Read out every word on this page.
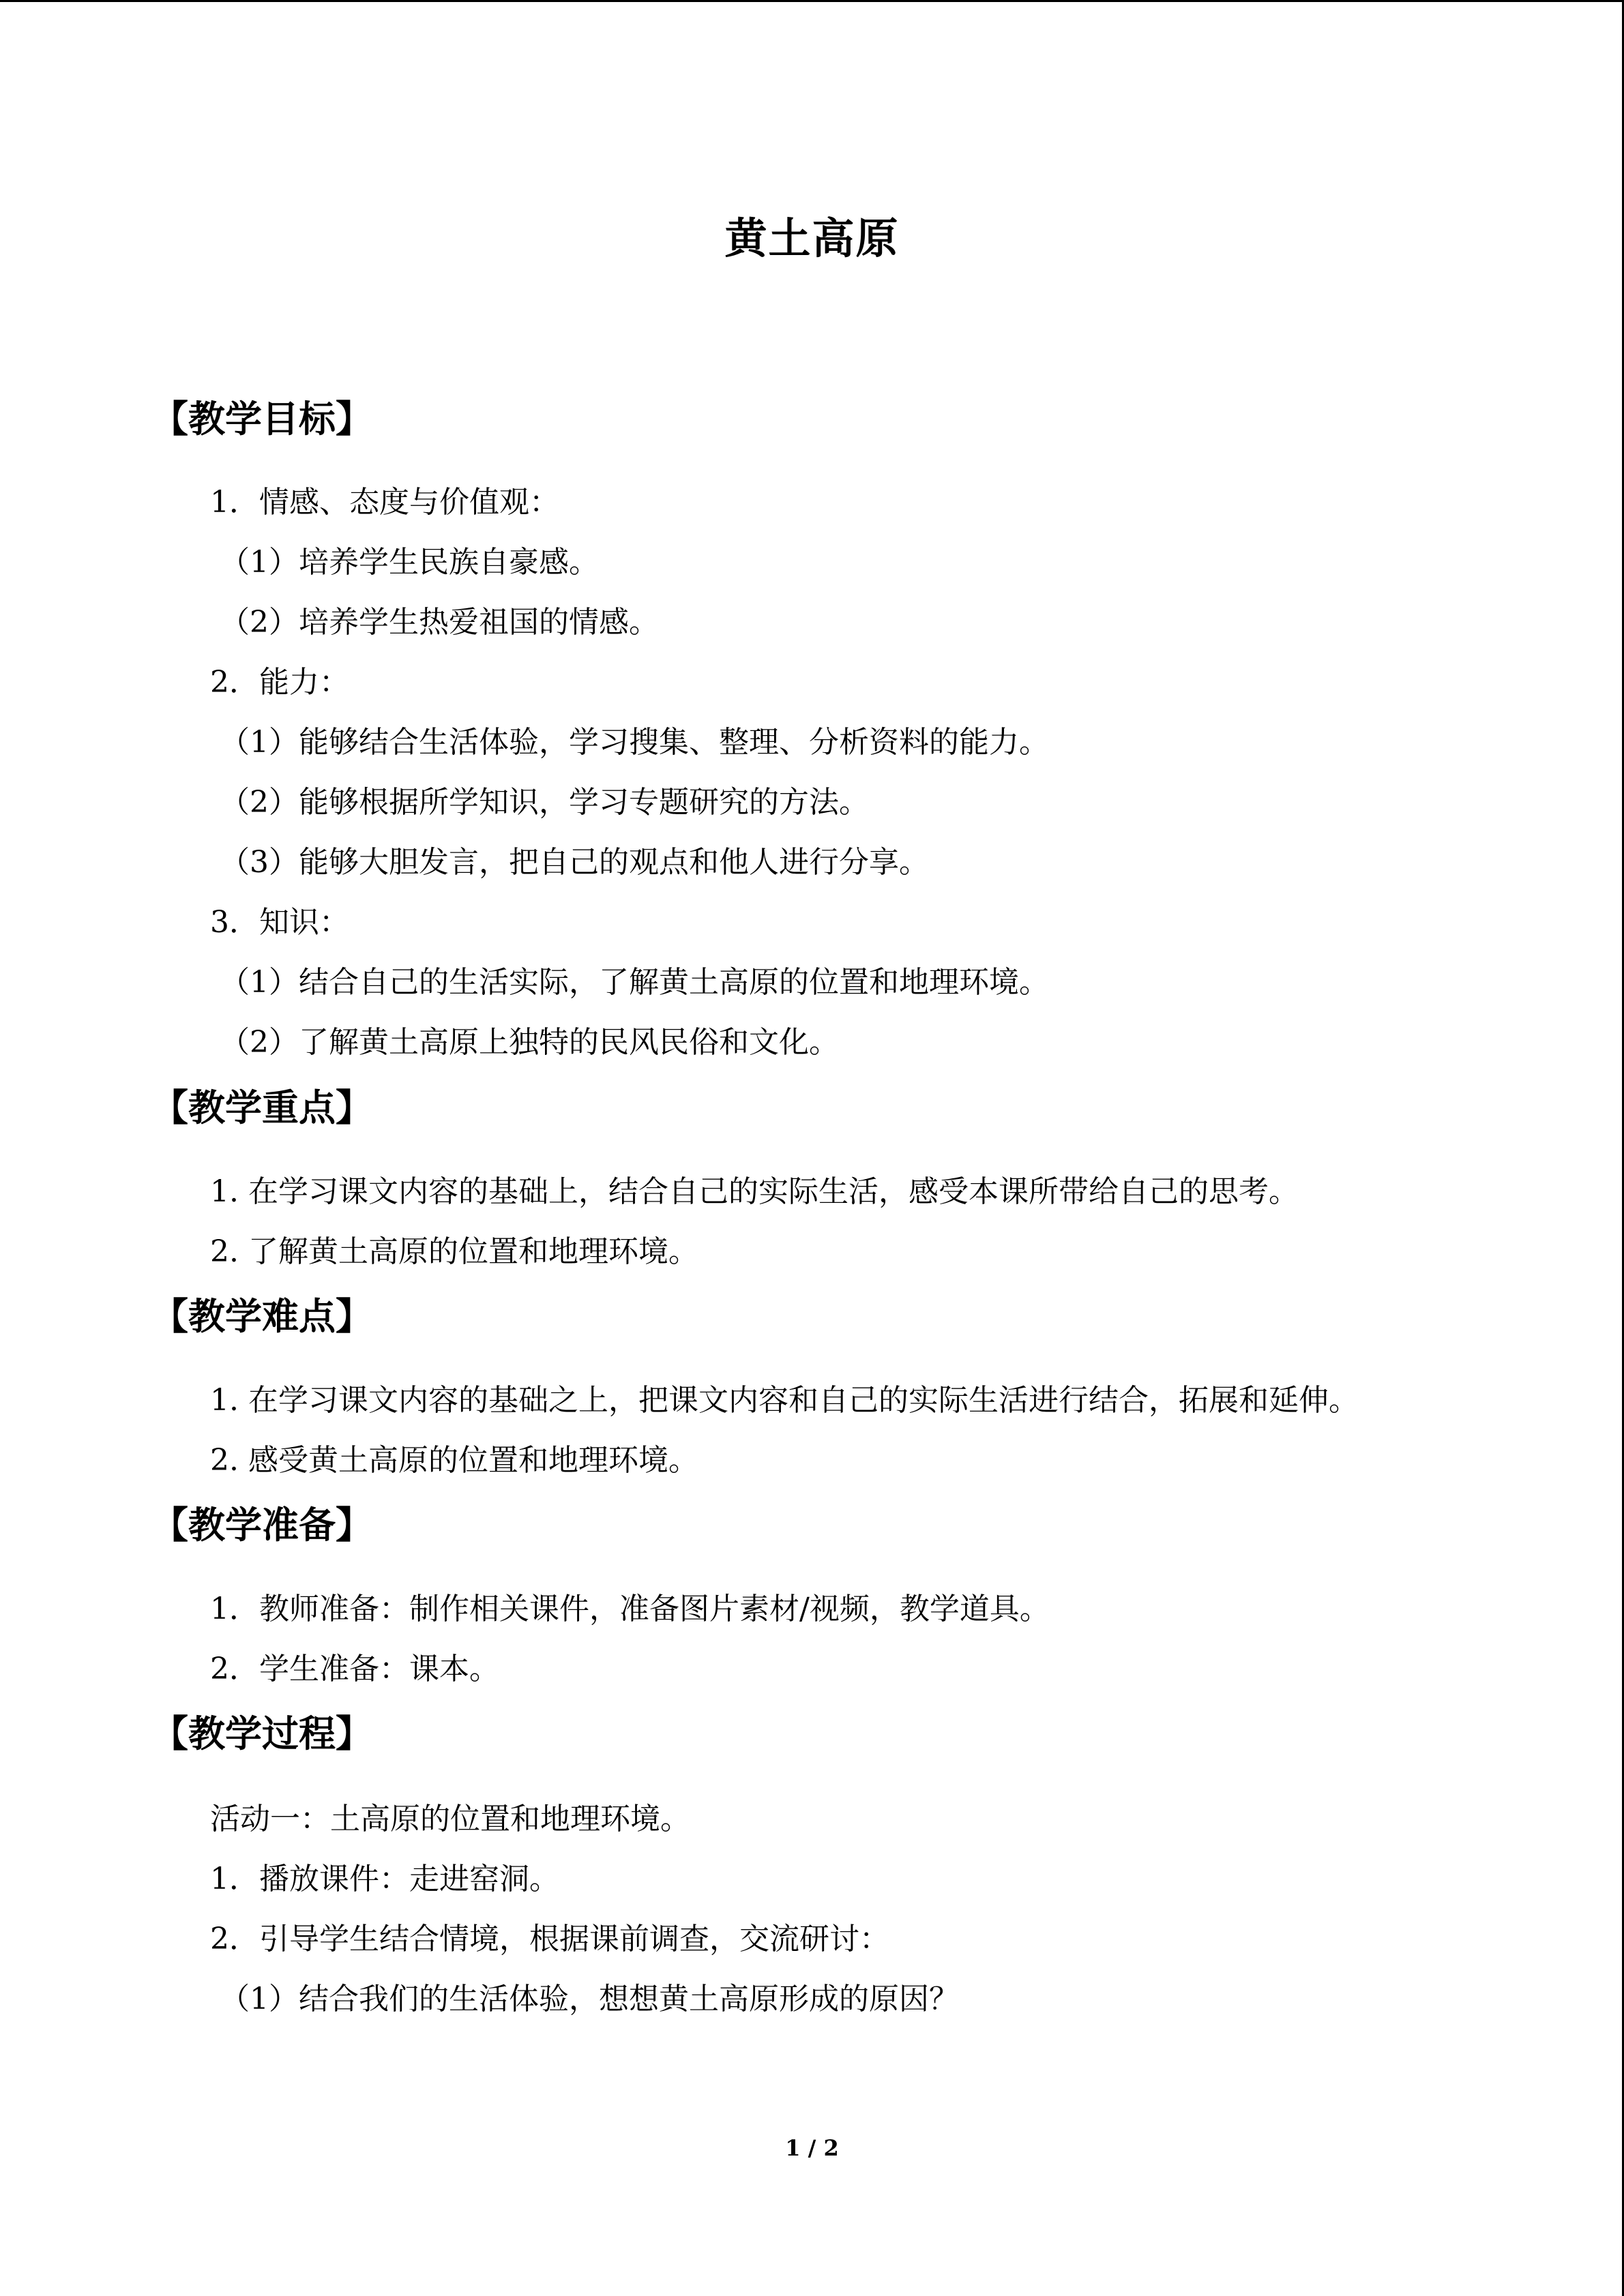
黄土高原
【教学目标】
1．情感、态度与价值观：
（1）培养学生民族自豪感。
（2）培养学生热爱祖国的情感。
2．能力：
（1）能够结合生活体验，学习搜集、整理、分析资料的能力。
（2）能够根据所学知识，学习专题研究的方法。
（3）能够大胆发言，把自己的观点和他人进行分享。
3．知识：
（1）结合自己的生活实际，了解黄土高原的位置和地理环境。
（2）了解黄土高原上独特的民风民俗和文化。
【教学重点】
1. 在学习课文内容的基础上，结合自己的实际生活，感受本课所带给自己的思考。
2. 了解黄土高原的位置和地理环境。
【教学难点】
1. 在学习课文内容的基础之上，把课文内容和自己的实际生活进行结合，拓展和延伸。
2. 感受黄土高原的位置和地理环境。
【教学准备】
1．教师准备：制作相关课件，准备图片素材/视频，教学道具。
2．学生准备：课本。
【教学过程】
活动一：土高原的位置和地理环境。
1．播放课件：走进窑洞。
2．引导学生结合情境，根据课前调查，交流研讨：
（1）结合我们的生活体验，想想黄土高原形成的原因？
1 / 2
